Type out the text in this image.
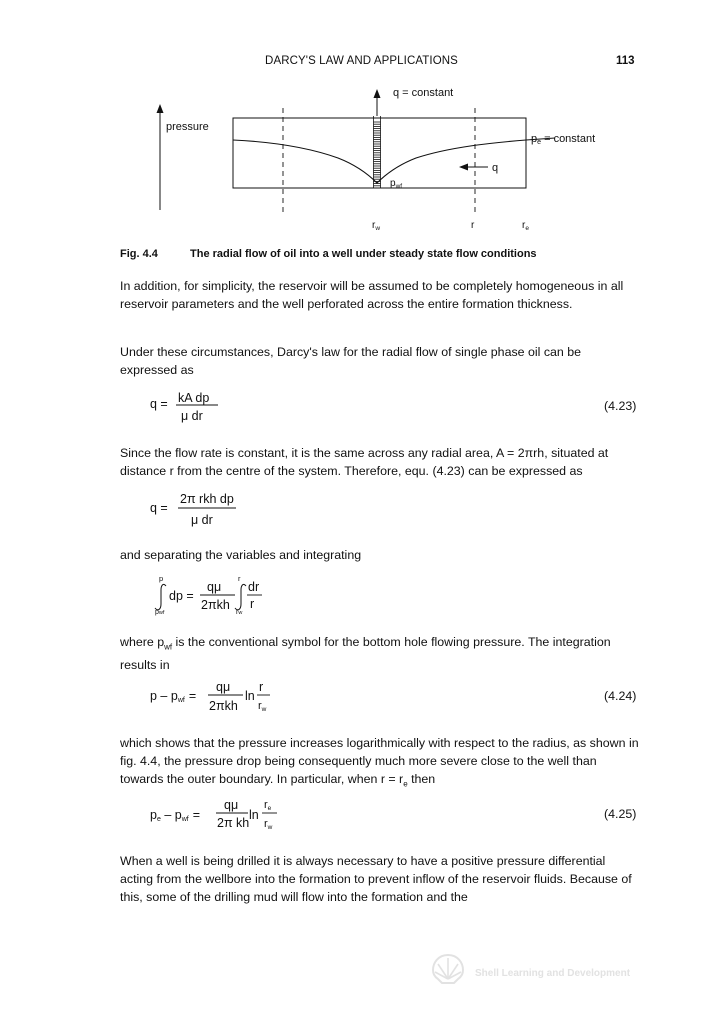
DARCY'S LAW AND APPLICATIONS	113
pressure
q = constant
q
pe = constant
$p_{wf}$
$r_w$	r	$r_e$
Fig. 4.4	The radial flow of oil into a well under steady state flow conditions
In addition, for simplicity, the reservoir will be assumed to be completely homogeneous in all reservoir parameters and the well perforated across the entire formation thickness.
Under these circumstances, Darcy's law for the radial flow of single phase oil can be expressed as
q = kA dp
μ dr
(4.23)
Since the flow rate is constant, it is the same across any radial area, A = 2πrh, situated at distance r from the centre of the system. Therefore, equ. (4.23) can be expressed as
q =
2π rkh dp
μ dr
and separating the variables and integrating
p
pwf
dp =
qμ
2πkh
r
rw
dr
r
where $p_{wf}$ is the conventional symbol for the bottom hole flowing pressure. The integration results in
p – pwf =
qμ
2πkh
ln
r
rw
(4.24)
which shows that the pressure increases logarithmically with respect to the radius, as shown in fig. 4.4, the pressure drop being consequently much more severe close to the well than towards the outer boundary. In particular, when $r = r_e$ then
pe – pwf =
qμ
2π kh
ln
re
rw
(4.25)
When a well is being drilled it is always necessary to have a positive pressure differential acting from the wellbore into the formation to prevent inflow of the reservoir fluids. Because of this, some of the drilling mud will flow into the formation and the
Shell Learning and Development
